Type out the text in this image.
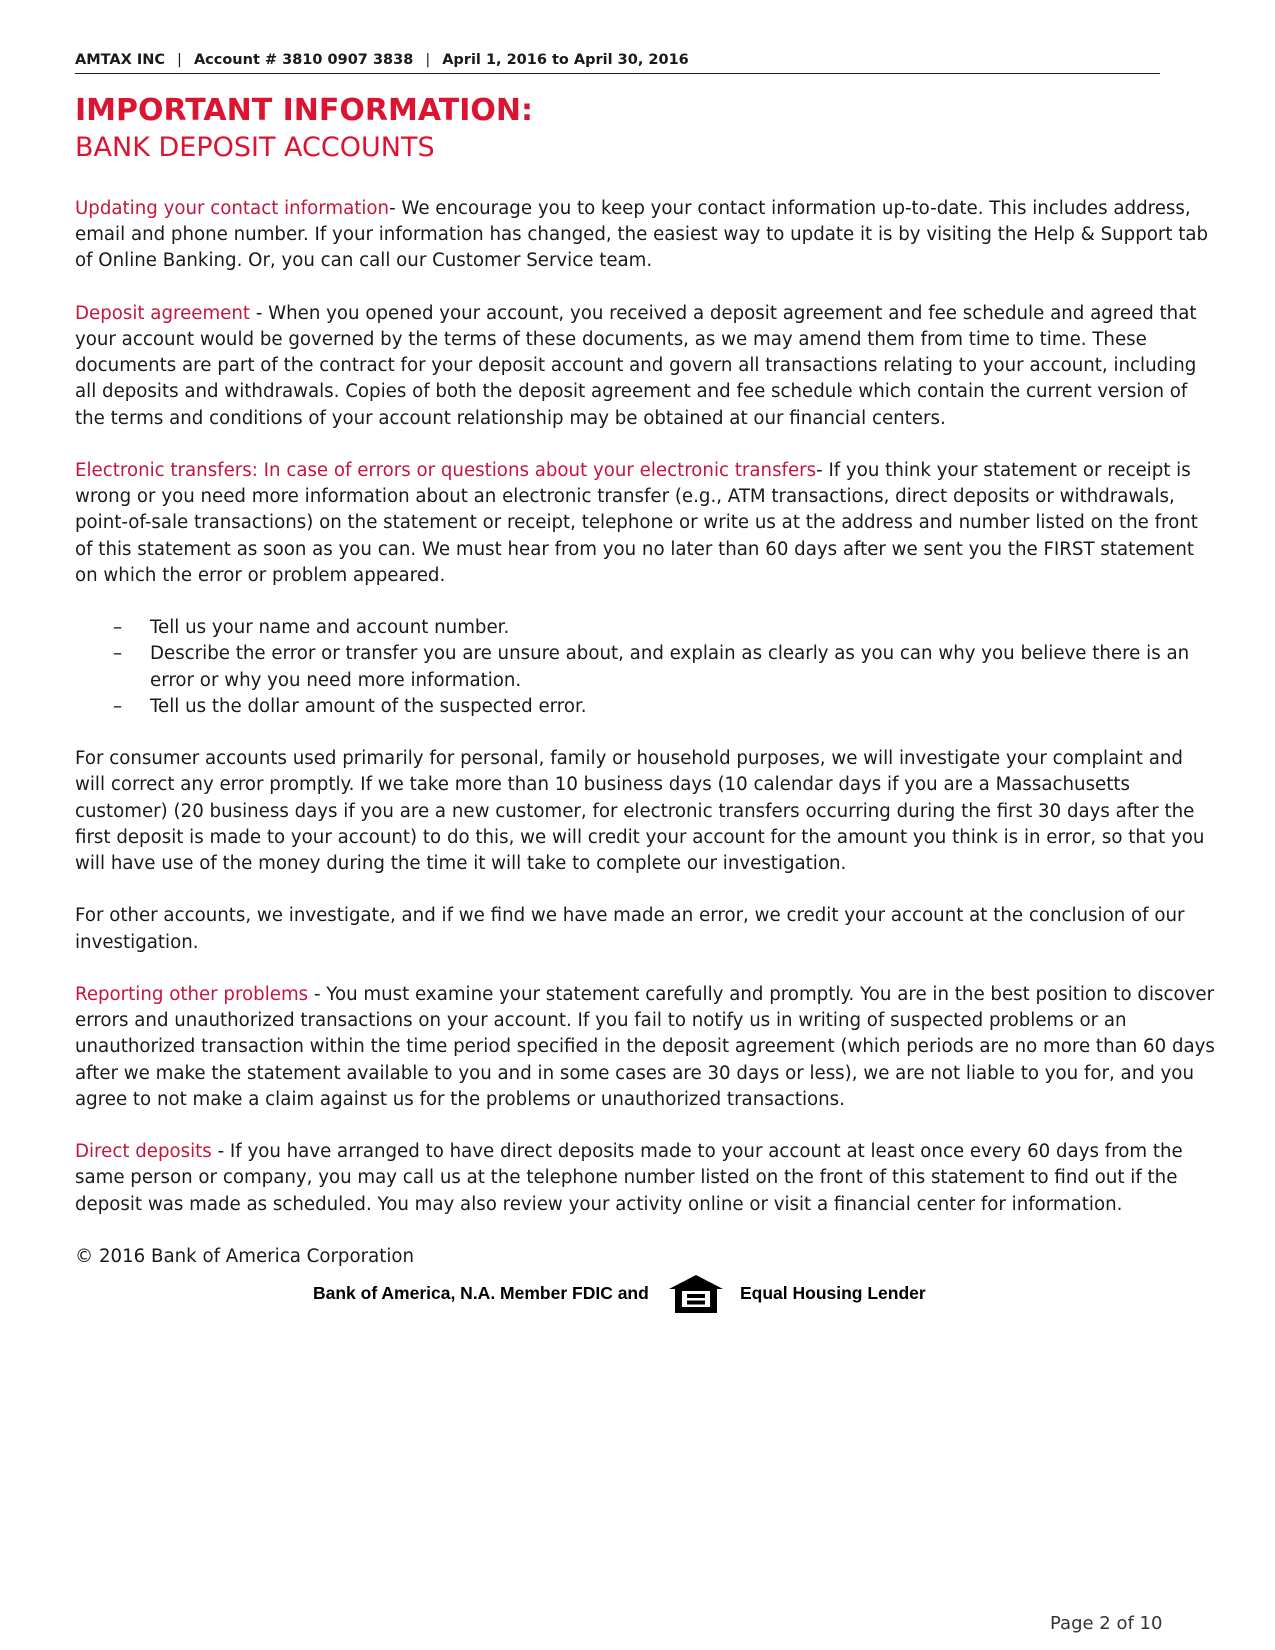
AMTAX INC | Account # 3810 0907 3838 | April 1, 2016 to April 30, 2016
IMPORTANT INFORMATION:
BANK DEPOSIT ACCOUNTS

Updating your contact information- We encourage you to keep your contact information up-to-date. This includes address, email and phone number. If your information has changed, the easiest way to update it is by visiting the Help & Support tab of Online Banking. Or, you can call our Customer Service team.

Deposit agreement - When you opened your account, you received a deposit agreement and fee schedule and agreed that your account would be governed by the terms of these documents, as we may amend them from time to time. These documents are part of the contract for your deposit account and govern all transactions relating to your account, including all deposits and withdrawals. Copies of both the deposit agreement and fee schedule which contain the current version of the terms and conditions of your account relationship may be obtained at our financial centers.

Electronic transfers: In case of errors or questions about your electronic transfers- If you think your statement or receipt is wrong or you need more information about an electronic transfer (e.g., ATM transactions, direct deposits or withdrawals, point-of-sale transactions) on the statement or receipt, telephone or write us at the address and number listed on the front of this statement as soon as you can. We must hear from you no later than 60 days after we sent you the FIRST statement on which the error or problem appeared.

– Tell us your name and account number.
– Describe the error or transfer you are unsure about, and explain as clearly as you can why you believe there is an error or why you need more information.
– Tell us the dollar amount of the suspected error.

For consumer accounts used primarily for personal, family or household purposes, we will investigate your complaint and will correct any error promptly. If we take more than 10 business days (10 calendar days if you are a Massachusetts customer) (20 business days if you are a new customer, for electronic transfers occurring during the first 30 days after the first deposit is made to your account) to do this, we will credit your account for the amount you think is in error, so that you will have use of the money during the time it will take to complete our investigation.

For other accounts, we investigate, and if we find we have made an error, we credit your account at the conclusion of our investigation.

Reporting other problems - You must examine your statement carefully and promptly. You are in the best position to discover errors and unauthorized transactions on your account. If you fail to notify us in writing of suspected problems or an unauthorized transaction within the time period specified in the deposit agreement (which periods are no more than 60 days after we make the statement available to you and in some cases are 30 days or less), we are not liable to you for, and you agree to not make a claim against us for the problems or unauthorized transactions.

Direct deposits - If you have arranged to have direct deposits made to your account at least once every 60 days from the same person or company, you may call us at the telephone number listed on the front of this statement to find out if the deposit was made as scheduled. You may also review your activity online or visit a financial center for information.

© 2016 Bank of America Corporation

Bank of America, N.A. Member FDIC and	Equal Housing Lender
Page 2 of 10
